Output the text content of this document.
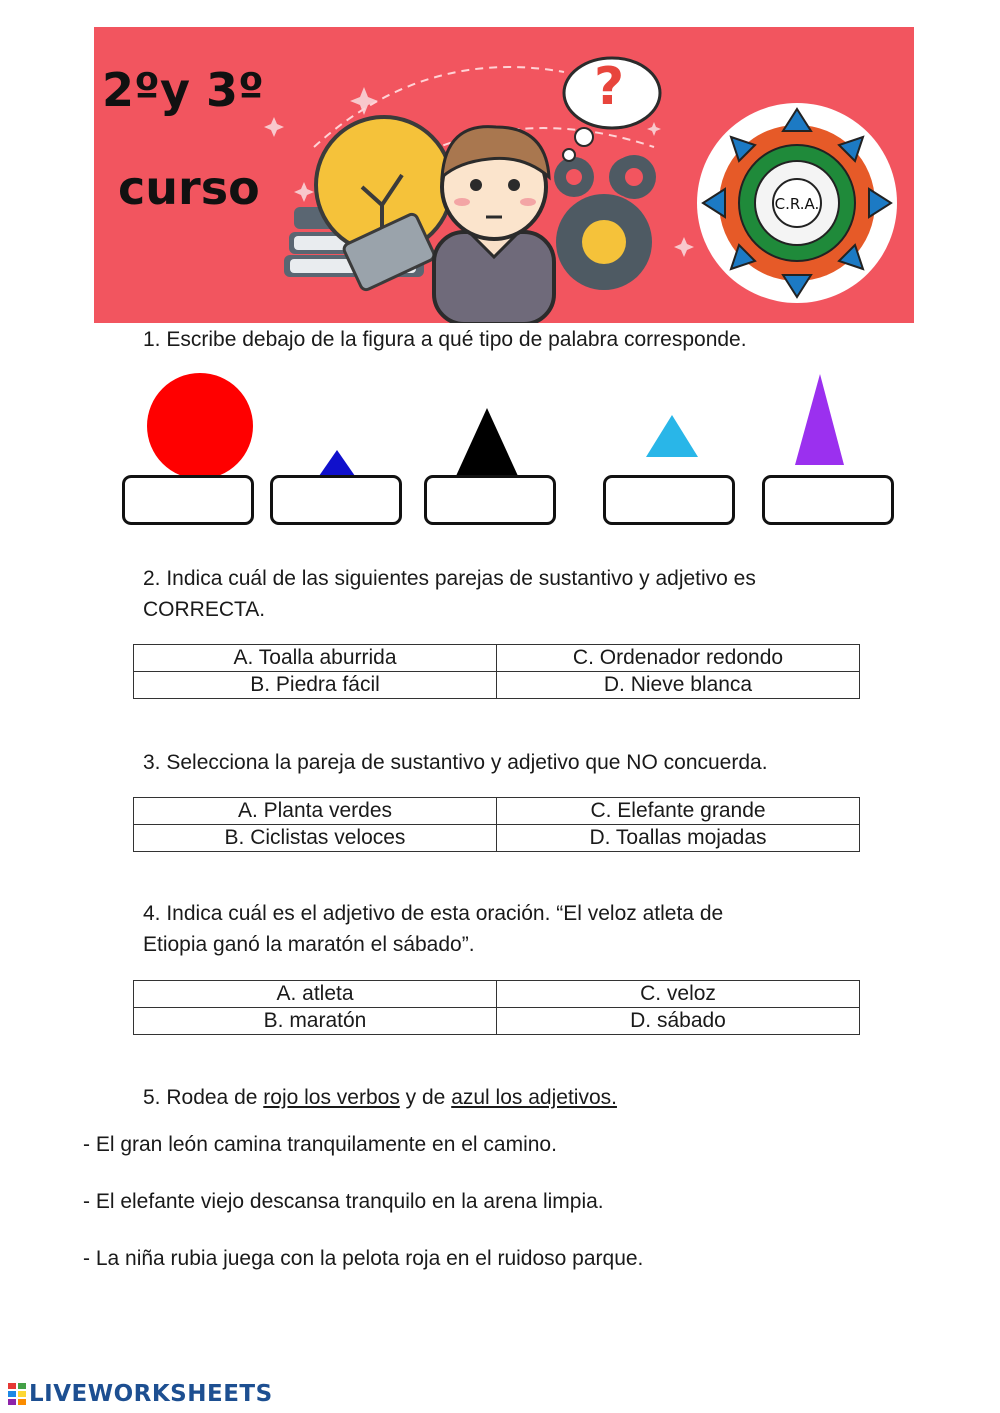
C.R.A.
2ºy 3º
curso
?
1. Escribe debajo de la figura a qué tipo de palabra corresponde.
2. Indica cuál de las siguientes parejas de sustantivo y adjetivo es
CORRECTA.
A. Toalla aburrida	C. Ordenador redondo
B. Piedra fácil	D. Nieve blanca
3. Selecciona la pareja de sustantivo y adjetivo que NO concuerda.
A. Planta verdes	C. Elefante grande
B. Ciclistas veloces	D. Toallas mojadas
4. Indica cuál es el adjetivo de esta oración. “El veloz atleta de
Etiopia ganó la maratón el sábado”.
A. atleta	C. veloz
B. maratón	D. sábado
5. Rodea de rojo los verbos y de azul los adjetivos.
- El gran león camina tranquilamente en el camino.
- El elefante viejo descansa tranquilo en la arena limpia.
- La niña rubia juega con la pelota roja en el ruidoso parque.
LIVEWORKSHEETS
